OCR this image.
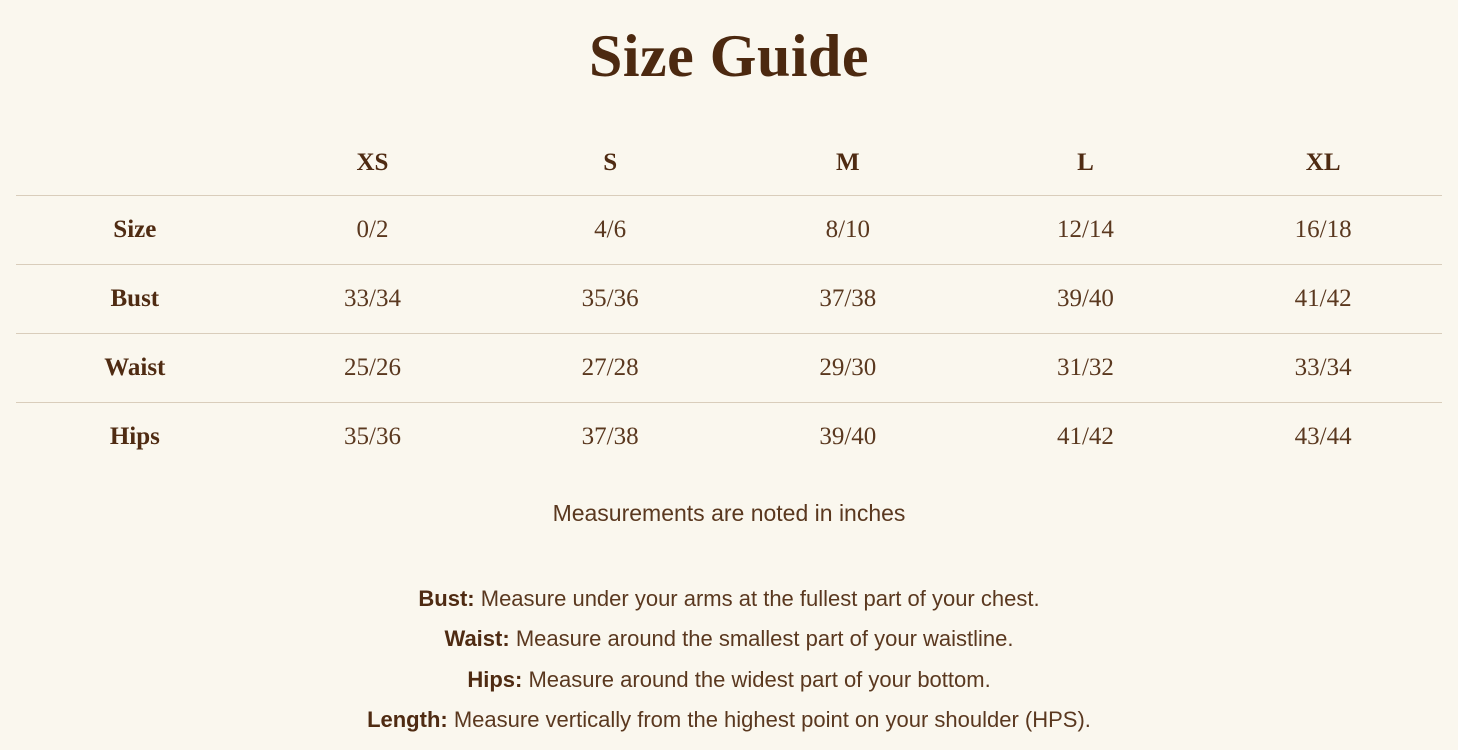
Size Guide
	XS	S	M	L	XL
Size	0/2	4/6	8/10	12/14	16/18
Bust	33/34	35/36	37/38	39/40	41/42
Waist	25/26	27/28	29/30	31/32	33/34
Hips	35/36	37/38	39/40	41/42	43/44

Measurements are noted in inches

Bust: Measure under your arms at the fullest part of your chest.

Waist: Measure around the smallest part of your waistline.

Hips: Measure around the widest part of your bottom.

Length: Measure vertically from the highest point on your shoulder (HPS).
